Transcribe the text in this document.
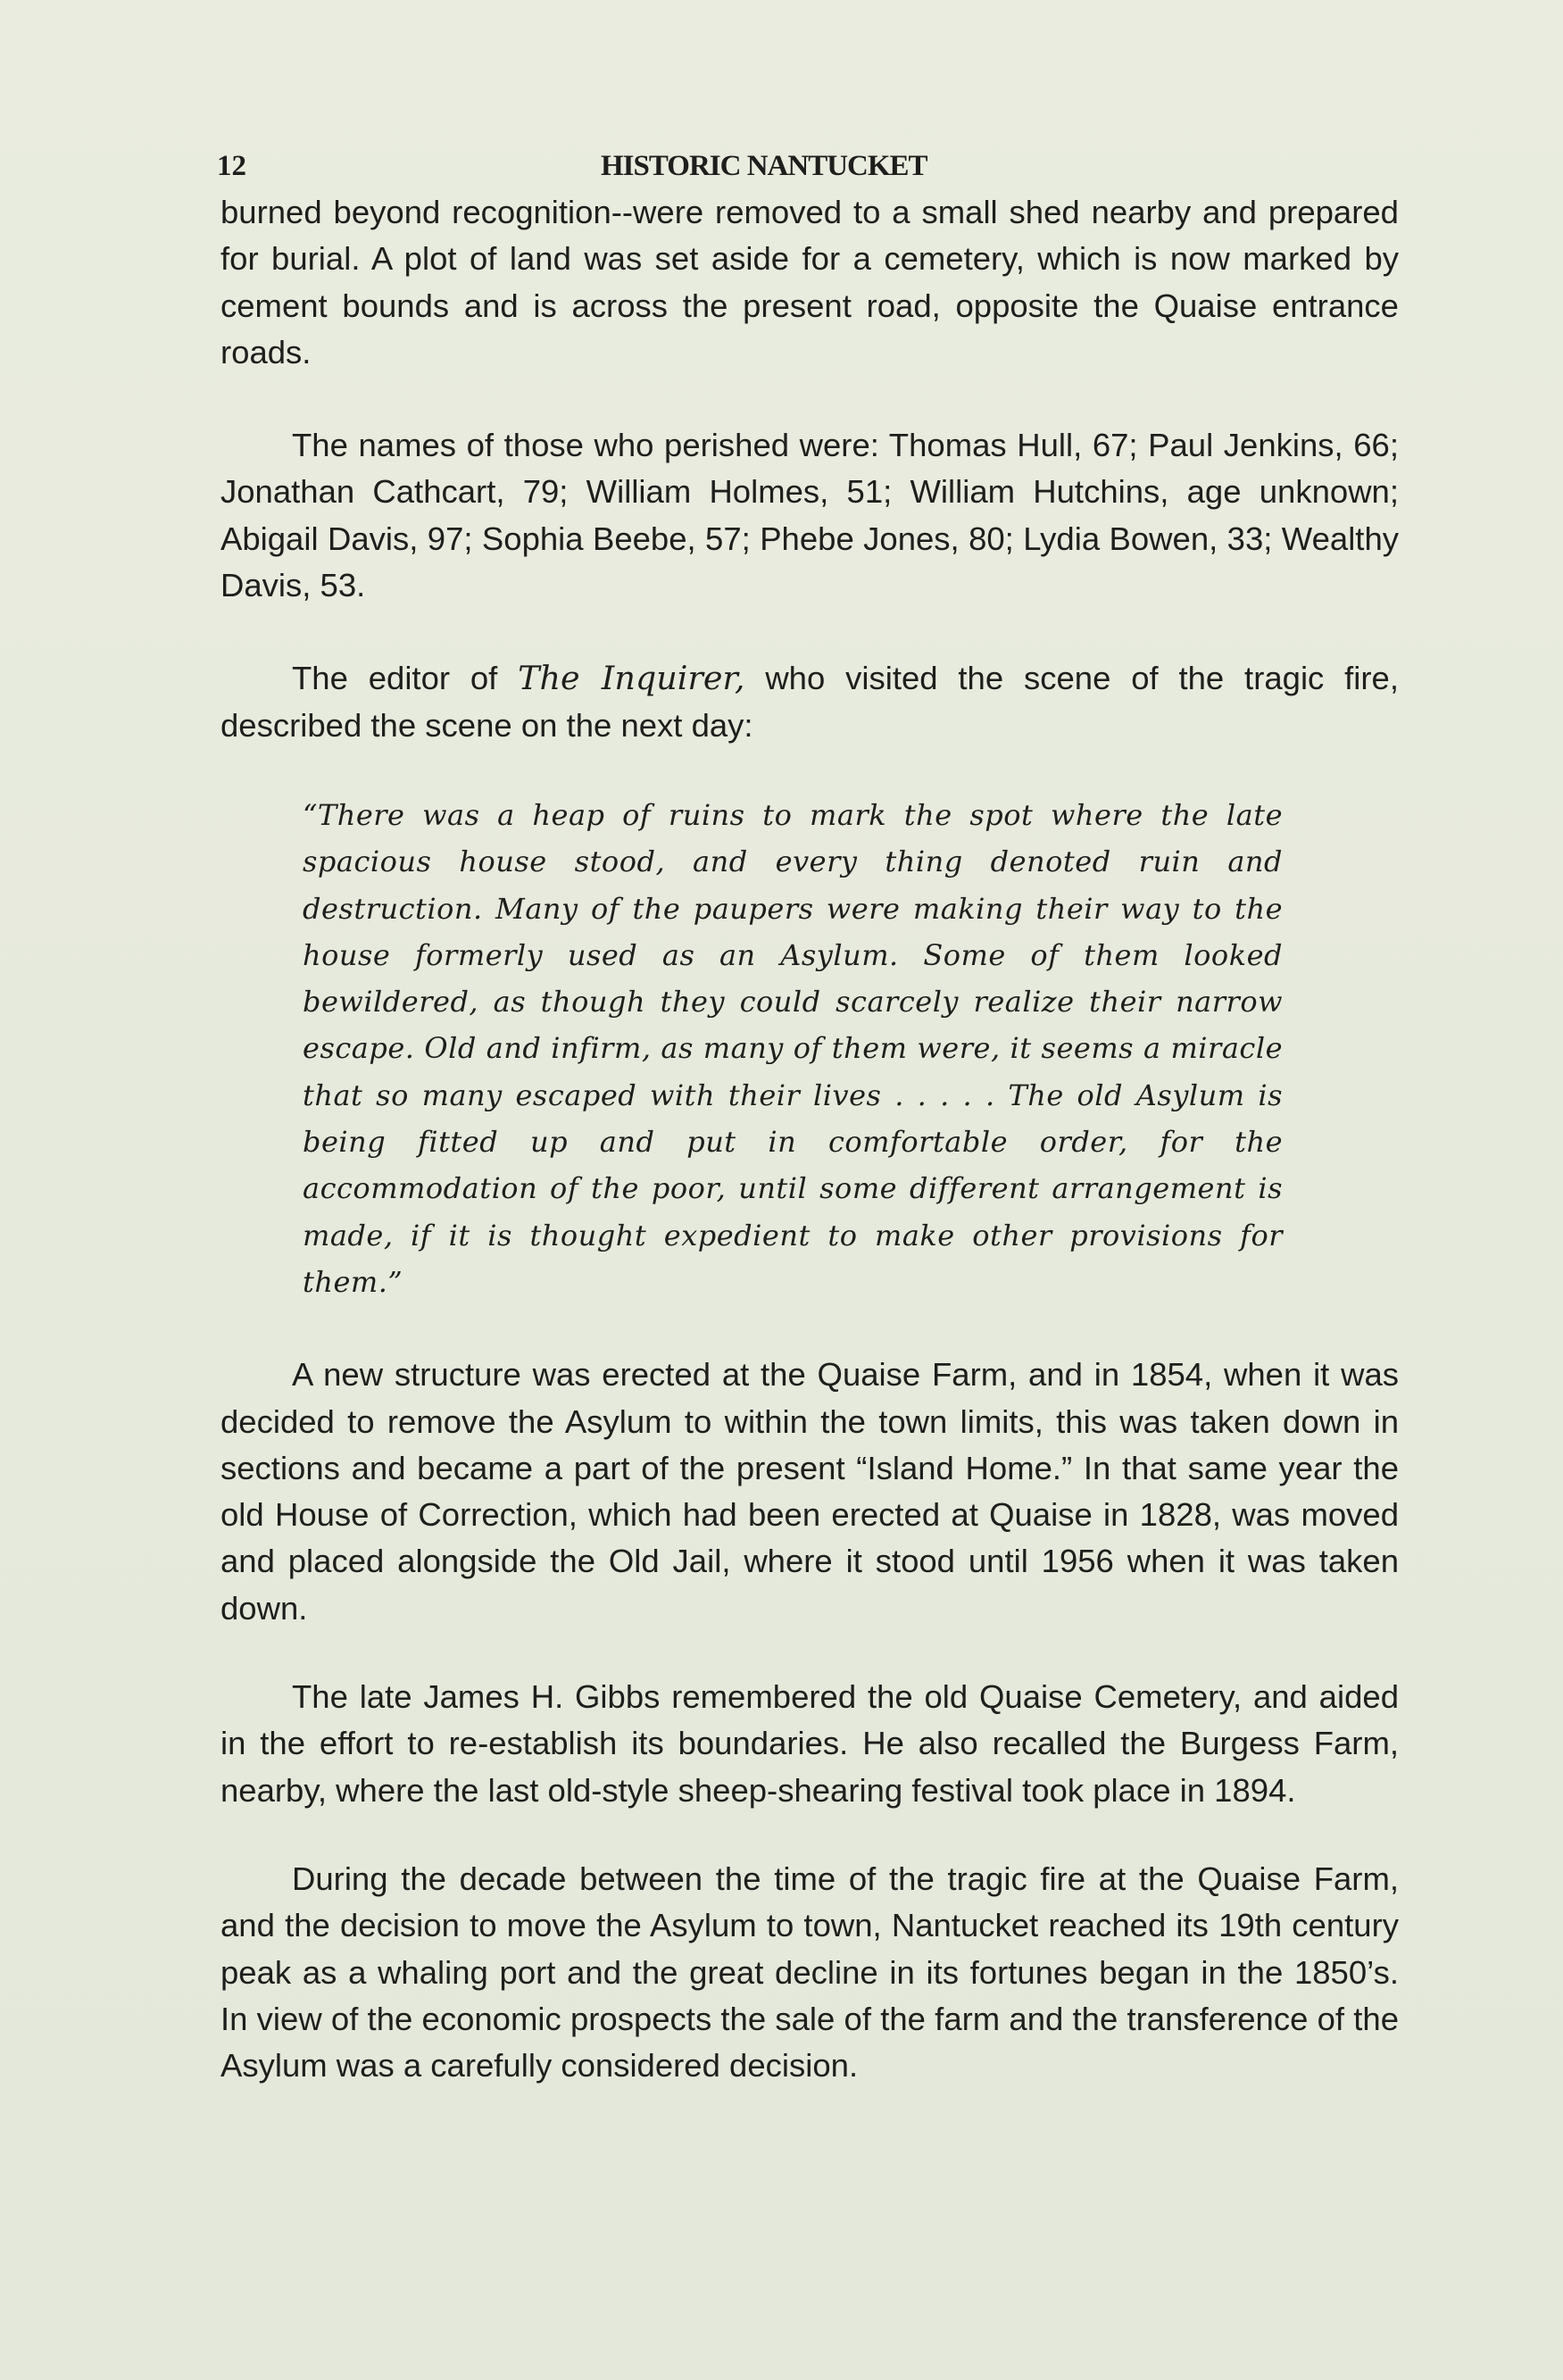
12	HISTORIC NANTUCKET

burned beyond recognition--were removed to a small shed nearby and prepared for burial. A plot of land was set aside for a cemetery, which is now marked by cement bounds and is across the present road, opposite the Quaise entrance roads.

The names of those who perished were: Thomas Hull, 67; Paul Jenkins, 66; Jonathan Cathcart, 79; William Holmes, 51; William Hutchins, age unknown; Abigail Davis, 97; Sophia Beebe, 57; Phebe Jones, 80; Lydia Bowen, 33; Wealthy Davis, 53.

The editor of The Inquirer, who visited the scene of the tragic fire, described the scene on the next day:

“There was a heap of ruins to mark the spot where the late spacious house stood, and every thing denoted ruin and destruction. Many of the paupers were making their way to the house formerly used as an Asylum. Some of them looked bewildered, as though they could scarcely realize their narrow escape. Old and infirm, as many of them were, it seems a miracle that so many escaped with their lives . . . . . The old Asylum is being fitted up and put in comfortable order, for the accommodation of the poor, until some different arrangement is made, if it is thought expedient to make other provisions for them.”

A new structure was erected at the Quaise Farm, and in 1854, when it was decided to remove the Asylum to within the town limits, this was taken down in sections and became a part of the present “Island Home.” In that same year the old House of Correction, which had been erected at Quaise in 1828, was moved and placed alongside the Old Jail, where it stood until 1956 when it was taken down.

The late James H. Gibbs remembered the old Quaise Cemetery, and aided in the effort to re-establish its boundaries. He also recalled the Burgess Farm, nearby, where the last old-style sheep-shearing festival took place in 1894.

During the decade between the time of the tragic fire at the Quaise Farm, and the decision to move the Asylum to town, Nantucket reached its 19th century peak as a whaling port and the great decline in its fortunes began in the 1850’s. In view of the economic prospects the sale of the farm and the transference of the Asylum was a carefully considered decision.
